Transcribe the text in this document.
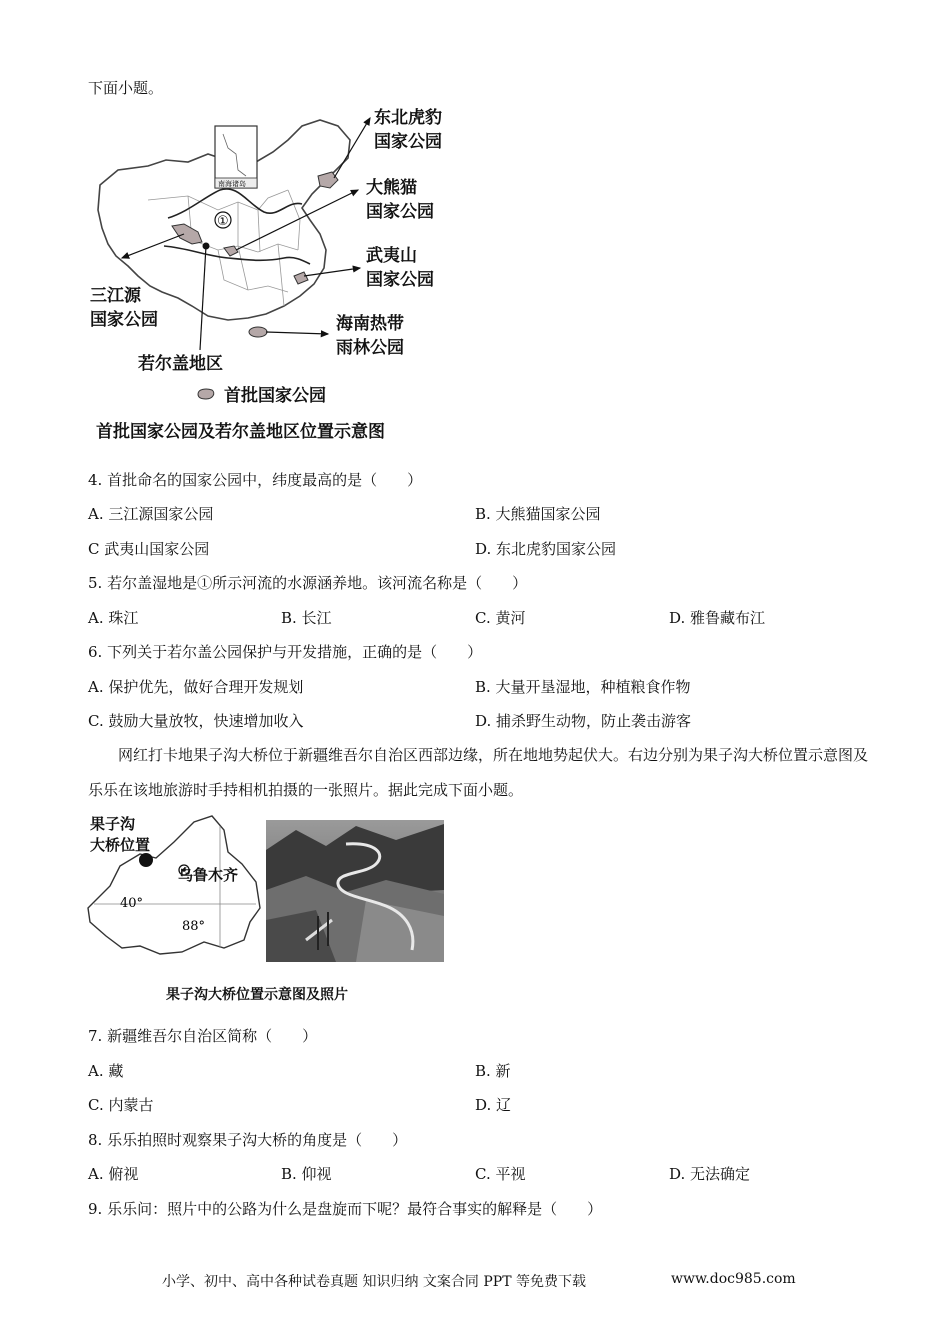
下面小题。
南海诸岛
①
东北虎豹
国家公园
大熊猫
国家公园
武夷山
国家公园
三江源
国家公园	海南热带
雨林公园
若尔盖地区
首批国家公园
首批国家公园及若尔盖地区位置示意图
4. 首批命名的国家公园中，纬度最高的是（　　）
A. 三江源国家公园	B. 大熊猫国家公园
C 武夷山国家公园	D. 东北虎豹国家公园
5. 若尔盖湿地是①所示河流的水源涵养地。该河流名称是（　　）
A. 珠江	B. 长江	C. 黄河	D. 雅鲁藏布江
6. 下列关于若尔盖公园保护与开发措施，正确的是（　　）
A. 保护优先，做好合理开发规划	B. 大量开垦湿地，种植粮食作物
C. 鼓励大量放牧，快速增加收入	D. 捕杀野生动物，防止袭击游客
网红打卡地果子沟大桥位于新疆维吾尔自治区西部边缘，所在地地势起伏大。右边分别为果子沟大桥位置示意图及乐乐在该地旅游时手持相机拍摄的一张照片。据此完成下面小题。
40°
88°
果子沟
大桥位置
乌鲁木齐
果子沟大桥位置示意图及照片
7. 新疆维吾尔自治区简称（　　）
A. 藏	B. 新
C. 内蒙古	D. 辽
8. 乐乐拍照时观察果子沟大桥的角度是（　　）
A. 俯视	B. 仰视	C. 平视	D. 无法确定
9. 乐乐问：照片中的公路为什么是盘旋而下呢？最符合事实的解释是（　　）
小学、初中、高中各种试卷真题 知识归纳 文案合同 PPT 等免费下载	www.doc985.com
